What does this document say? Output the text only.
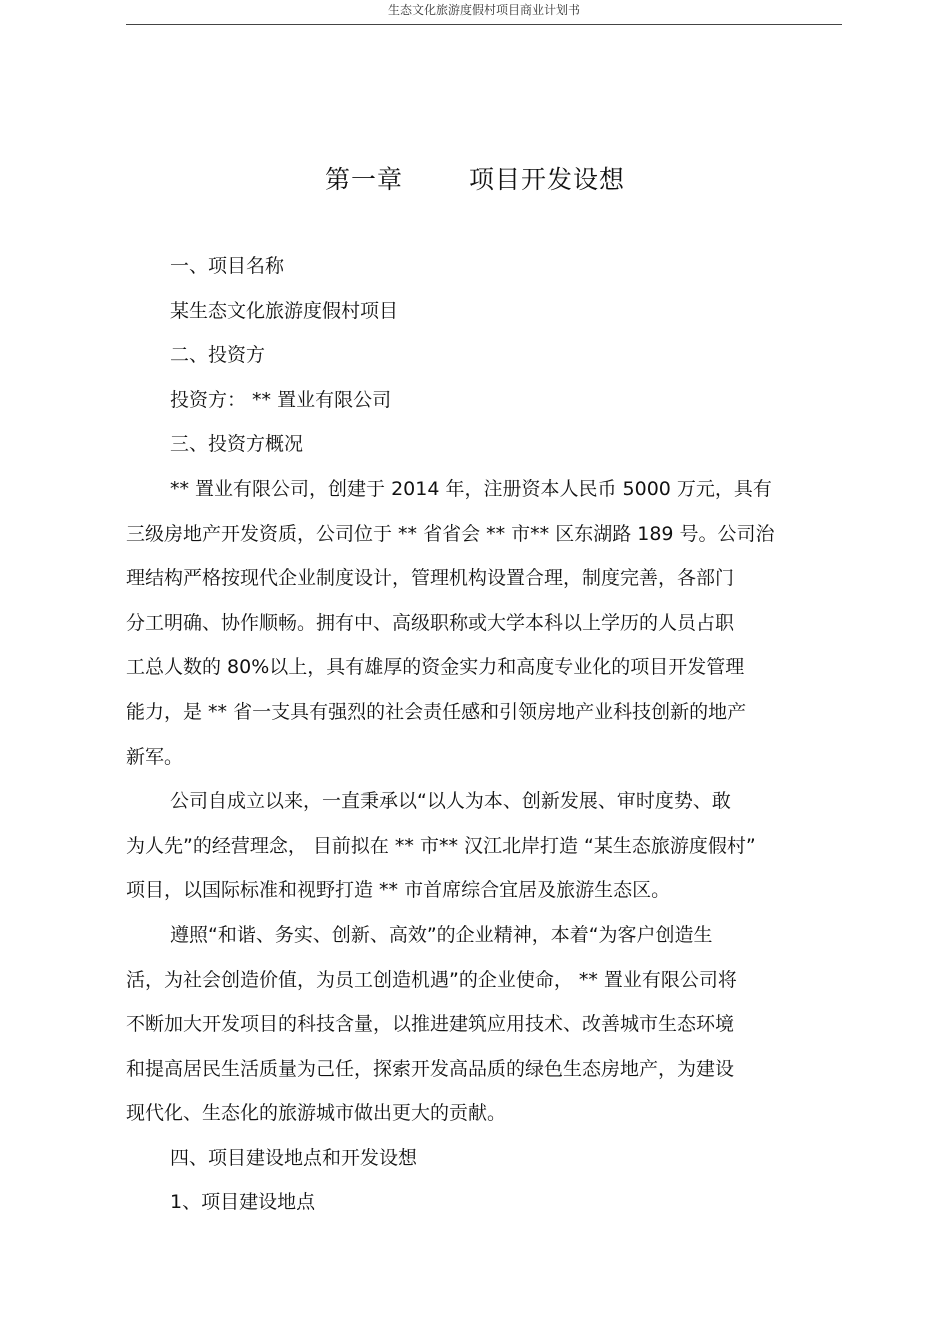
生态文化旅游度假村项目商业计划书
第一章	项目开发设想
一、项目名称
某生态文化旅游度假村项目
二、投资方
投资方： ** 置业有限公司
三、投资方概况
** 置业有限公司，创建于 2014 年，注册资本人民币 5000 万元，具有
三级房地产开发资质，公司位于 ** 省省会 ** 市** 区东湖路 189 号。公司治
理结构严格按现代企业制度设计，管理机构设置合理，制度完善，各部门
分工明确、协作顺畅。拥有中、高级职称或大学本科以上学历的人员占职
工总人数的 80%以上，具有雄厚的资金实力和高度专业化的项目开发管理
能力，是 ** 省一支具有强烈的社会责任感和引领房地产业科技创新的地产
新军。
公司自成立以来，一直秉承以“以人为本、创新发展、审时度势、敢
为人先”的经营理念， 目前拟在 ** 市** 汉江北岸打造 “某生态旅游度假村”
项目，以国际标准和视野打造 ** 市首席综合宜居及旅游生态区。
遵照“和谐、务实、创新、高效”的企业精神，本着“为客户创造生
活，为社会创造价值，为员工创造机遇”的企业使命， ** 置业有限公司将
不断加大开发项目的科技含量，以推进建筑应用技术、改善城市生态环境
和提高居民生活质量为己任，探索开发高品质的绿色生态房地产，为建设
现代化、生态化的旅游城市做出更大的贡献。
四、项目建设地点和开发设想
1、项目建设地点
